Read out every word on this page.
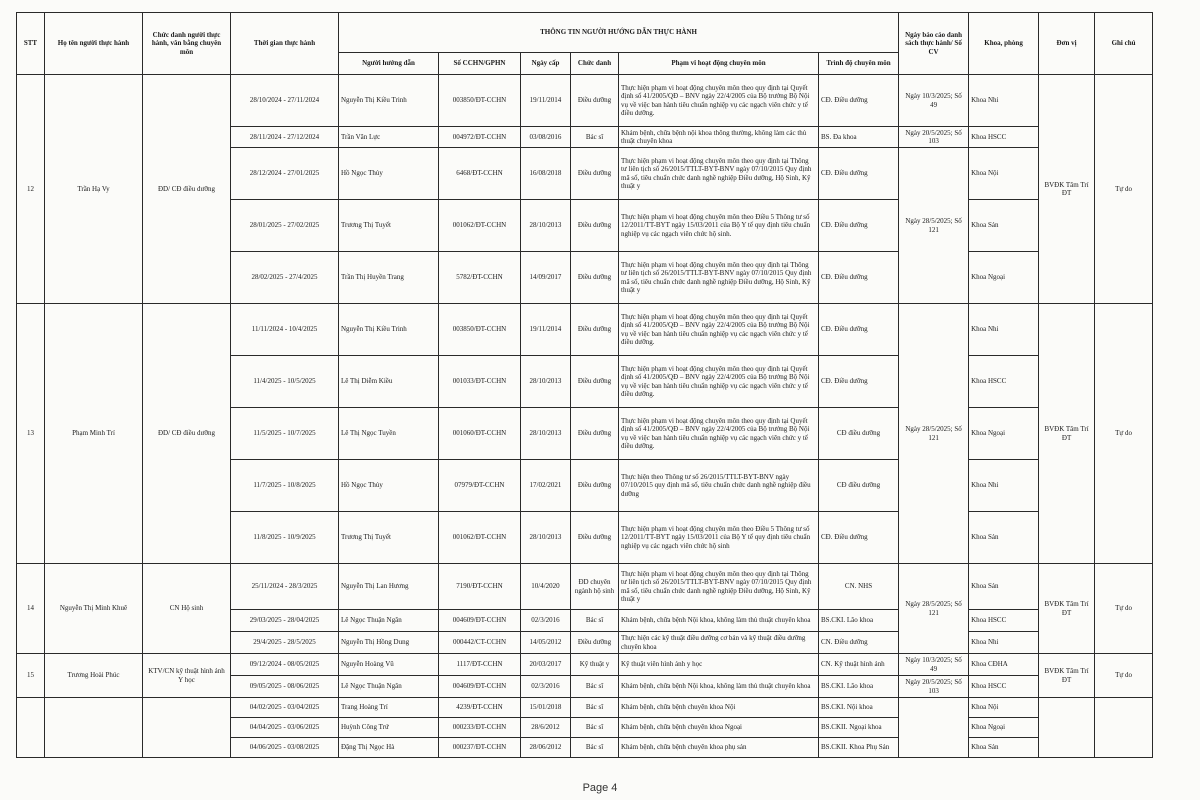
STT	Họ tên người thực hành	Chức danh người thực hành, văn bằng chuyên môn	Thời gian thực hành	THÔNG TIN NGƯỜI HƯỚNG DẪN THỰC HÀNH						Ngày báo cáo danh sách thực hành/ Số CV	Khoa, phòng	Đơn vị	Ghi chú
				Người hướng dẫn	Số CCHN/GPHN	Ngày cấp	Chức danh	Phạm vi hoạt động chuyên môn	Trình độ chuyên môn				
12	Trần Hạ Vy	ĐD/ CĐ điều dưỡng	28/10/2024 - 27/11/2024	Nguyễn Thị Kiều Trinh	003850/ĐT-CCHN	19/11/2014	Điều dưỡng	Thực hiện phạm vi hoạt động chuyên môn theo quy định tại Quyết định số 41/2005/QĐ – BNV ngày 22/4/2005 của Bộ trưởng Bộ Nội vụ về việc ban hành tiêu chuẩn nghiệp vụ các ngạch viên chức y tế điều dưỡng.	CĐ. Điều dưỡng	Ngày 10/3/2025; Số 49	Khoa Nhi	BVĐK Tâm Trí ĐT	Tự do
			28/11/2024 - 27/12/2024	Trần Văn Lực	004972/ĐT-CCHN	03/08/2016	Bác sĩ	Khám bệnh, chữa bệnh nội khoa thông thường, không làm các thủ thuật chuyên khoa	BS. Đa khoa	Ngày 20/5/2025; Số 103	Khoa HSCC		
			28/12/2024 - 27/01/2025	Hồ Ngọc Thủy	6468/ĐT-CCHN	16/08/2018	Điều dưỡng	Thực hiện phạm vi hoạt động chuyên môn theo quy định tại Thông tư liên tịch số 26/2015/TTLT-BYT-BNV ngày 07/10/2015 Quy định mã số, tiêu chuẩn chức danh nghề nghiệp Điều dưỡng, Hộ Sinh, Kỹ thuật y	CĐ. Điều dưỡng	Ngày 28/5/2025; Số 121	Khoa Nội		
			28/01/2025 - 27/02/2025	Trương Thị Tuyết	001062/ĐT-CCHN	28/10/2013	Điều dưỡng	Thực hiện phạm vi hoạt động chuyên môn theo Điều 5 Thông tư số 12/2011/TT-BYT ngày 15/03/2011 của Bộ Y tế quy định tiêu chuẩn nghiệp vụ các ngạch viên chức hộ sinh.	CĐ. Điều dưỡng		Khoa Sản		
			28/02/2025 - 27/4/2025	Trần Thị Huyền Trang	5782/ĐT-CCHN	14/09/2017	Điều dưỡng	Thực hiện phạm vi hoạt động chuyên môn theo quy định tại Thông tư liên tịch số 26/2015/TTLT-BYT-BNV ngày 07/10/2015 Quy định mã số, tiêu chuẩn chức danh nghề nghiệp Điều dưỡng, Hộ Sinh, Kỹ thuật y	CĐ. Điều dưỡng		Khoa Ngoại		
13	Phạm Minh Trí	ĐD/ CĐ điều dưỡng	11/11/2024 - 10/4/2025	Nguyễn Thị Kiều Trinh	003850/ĐT-CCHN	19/11/2014	Điều dưỡng	Thực hiện phạm vi hoạt động chuyên môn theo quy định tại Quyết định số 41/2005/QĐ – BNV ngày 22/4/2005 của Bộ trưởng Bộ Nội vụ về việc ban hành tiêu chuẩn nghiệp vụ các ngạch viên chức y tế điều dưỡng.	CĐ. Điều dưỡng	Ngày 28/5/2025; Số 121	Khoa Nhi	BVĐK Tâm Trí ĐT	Tự do
			11/4/2025 - 10/5/2025	Lê Thị Diễm Kiều	001033/ĐT-CCHN	28/10/2013	Điều dưỡng	Thực hiện phạm vi hoạt động chuyên môn theo quy định tại Quyết định số 41/2005/QĐ – BNV ngày 22/4/2005 của Bộ trưởng Bộ Nội vụ về việc ban hành tiêu chuẩn nghiệp vụ các ngạch viên chức y tế điều dưỡng.	CĐ. Điều dưỡng		Khoa HSCC		
			11/5/2025 - 10/7/2025	Lê Thị Ngọc Tuyền	001060/ĐT-CCHN	28/10/2013	Điều dưỡng	Thực hiện phạm vi hoạt động chuyên môn theo quy định tại Quyết định số 41/2005/QĐ – BNV ngày 22/4/2005 của Bộ trưởng Bộ Nội vụ về việc ban hành tiêu chuẩn nghiệp vụ các ngạch viên chức y tế điều dưỡng.	CĐ điều dưỡng		Khoa Ngoại		
			11/7/2025 - 10/8/2025	Hồ Ngọc Thủy	07979/ĐT-CCHN	17/02/2021	Điều dưỡng	Thực hiện theo Thông tư số 26/2015/TTLT-BYT-BNV ngày 07/10/2015 quy định mã số, tiêu chuẩn chức danh nghề nghiệp điều dưỡng	CĐ điều dưỡng		Khoa Nhi		
			11/8/2025 - 10/9/2025	Trương Thị Tuyết	001062/ĐT-CCHN	28/10/2013	Điều dưỡng	Thực hiện phạm vi hoạt động chuyên môn theo Điều 5 Thông tư số 12/2011/TT-BYT ngày 15/03/2011 của Bộ Y tế quy định tiêu chuẩn nghiệp vụ các ngạch viên chức hộ sinh	CĐ. Điều dưỡng		Khoa Sản		
14	Nguyễn Thị Minh Khuê	CN Hộ sinh	25/11/2024 - 28/3/2025	Nguyễn Thị Lan Hương	7190/ĐT-CCHN	10/4/2020	ĐD chuyên ngành hộ sinh	Thực hiện phạm vi hoạt động chuyên môn theo quy định tại Thông tư liên tịch số 26/2015/TTLT-BYT-BNV ngày 07/10/2015 Quy định mã số, tiêu chuẩn chức danh nghề nghiệp Điều dưỡng, Hộ Sinh, Kỹ thuật y	CN. NHS	Ngày 28/5/2025; Số 121	Khoa Sản	BVĐK Tâm Trí ĐT	Tự do
			29/03/2025 - 28/04/2025	Lê Ngọc Thuận Ngân	004609/ĐT-CCHN	02/3/2016	Bác sĩ	Khám bệnh, chữa bệnh Nội khoa, không làm thủ thuật chuyên khoa	BS.CKI. Lão khoa		Khoa HSCC		
			29/4/2025 - 28/5/2025	Nguyễn Thị Hồng Dung	000442/CT-CCHN	14/05/2012	Điều dưỡng	Thực hiện các kỹ thuật điều dưỡng cơ bản và kỹ thuật điều dưỡng chuyên khoa	CN. Điều dưỡng		Khoa Nhi		
15	Trương Hoài Phúc	KTV/CN kỹ thuật hình ảnh Y học	09/12/2024 - 08/05/2025	Nguyễn Hoàng Vũ	1117/ĐT-CCHN	20/03/2017	Kỹ thuật y	Kỹ thuật viên hình ảnh y học	CN. Kỹ thuật hình ảnh	Ngày 10/3/2025; Số 49	Khoa CĐHA	BVĐK Tâm Trí ĐT	Tự do
			09/05/2025 - 08/06/2025	Lê Ngọc Thuận Ngân	004609/ĐT-CCHN	02/3/2016	Bác sĩ	Khám bệnh, chữa bệnh Nội khoa, không làm thủ thuật chuyên khoa	BS.CKI. Lão khoa	Ngày 20/5/2025; Số 103	Khoa HSCC		
			04/02/2025 - 03/04/2025	Trang Hoàng Trí	4239/ĐT-CCHN	15/01/2018	Bác sĩ	Khám bệnh, chữa bệnh chuyên khoa Nội	BS.CKI. Nội khoa		Khoa Nội		
			04/04/2025 - 03/06/2025	Huỳnh Công Trứ	000233/ĐT-CCHN	28/6/2012	Bác sĩ	Khám bệnh, chữa bệnh chuyên khoa Ngoại	BS.CKII. Ngoại khoa		Khoa Ngoại		
			04/06/2025 - 03/08/2025	Đặng Thị Ngọc Hà	000237/ĐT-CCHN	28/06/2012	Bác sĩ	Khám bệnh, chữa bệnh chuyên khoa phụ sản	BS.CKII. Khoa Phụ Sản		Khoa Sản		
Page 4
